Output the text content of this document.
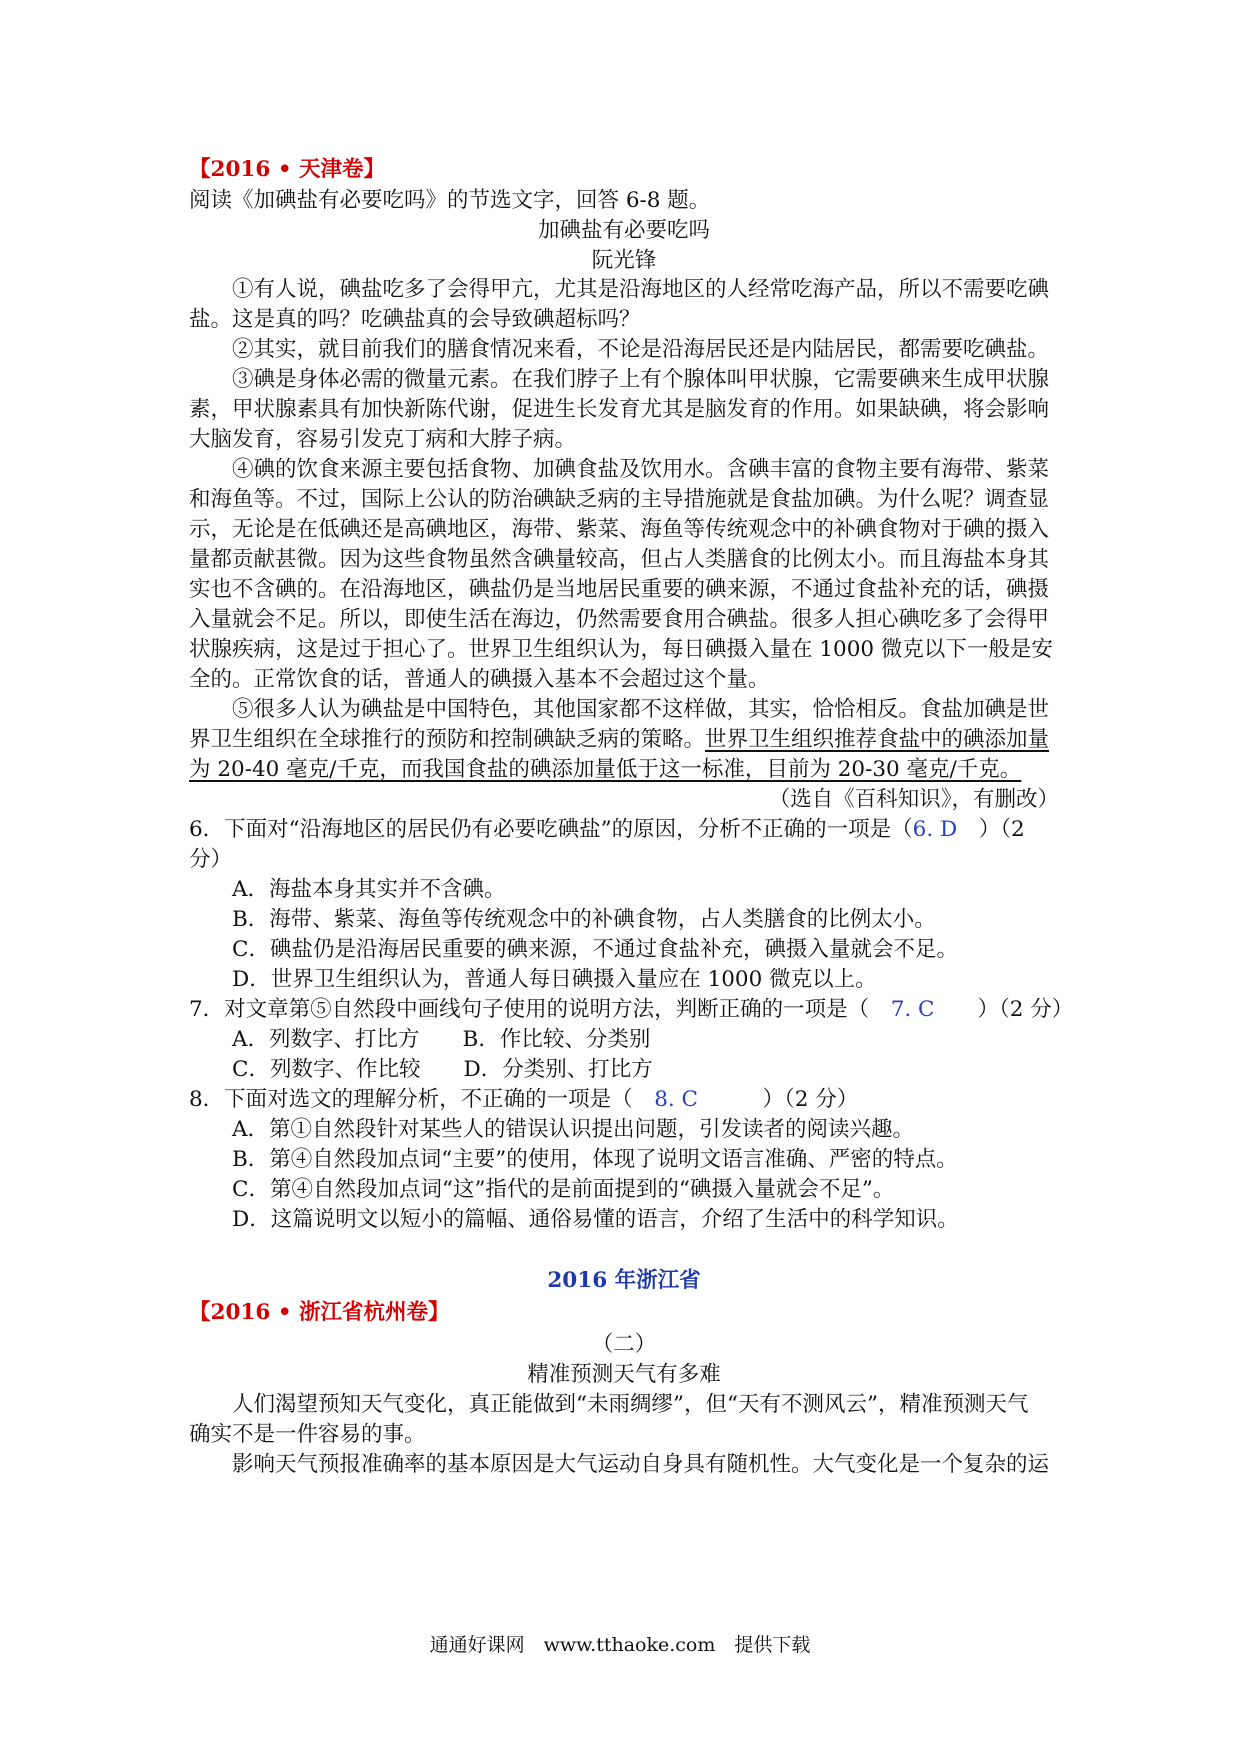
【2016 • 天津卷】
阅读《加碘盐有必要吃吗》的节选文字，回答 6-8 题。
加碘盐有必要吃吗
阮光锋
①有人说，碘盐吃多了会得甲亢，尤其是沿海地区的人经常吃海产品，所以不需要吃碘
盐。这是真的吗？吃碘盐真的会导致碘超标吗？
②其实，就目前我们的膳食情况来看，不论是沿海居民还是内陆居民，都需要吃碘盐。
③碘是身体必需的微量元素。在我们脖子上有个腺体叫甲状腺，它需要碘来生成甲状腺
素，甲状腺素具有加快新陈代谢，促进生长发育尤其是脑发育的作用。如果缺碘，将会影响
大脑发育，容易引发克丁病和大脖子病。
④碘的饮食来源主要包括食物、加碘食盐及饮用水。含碘丰富的食物主要有海带、紫菜
和海鱼等。不过，国际上公认的防治碘缺乏病的主导措施就是食盐加碘。为什么呢？调查显
示，无论是在低碘还是高碘地区，海带、紫菜、海鱼等传统观念中的补碘食物对于碘的摄入
量都贡献甚微。因为这些食物虽然含碘量较高，但占人类膳食的比例太小。而且海盐本身其
实也不含碘的。在沿海地区，碘盐仍是当地居民重要的碘来源，不通过食盐补充的话，碘摄
入量就会不足。所以，即使生活在海边，仍然需要食用合碘盐。很多人担心碘吃多了会得甲
状腺疾病，这是过于担心了。世界卫生组织认为，每日碘摄入量在 1000 微克以下一般是安
全的。正常饮食的话，普通人的碘摄入基本不会超过这个量。
⑤很多人认为碘盐是中国特色，其他国家都不这样做，其实，恰恰相反。食盐加碘是世
界卫生组织在全球推行的预防和控制碘缺乏病的策略。世界卫生组织推荐食盐中的碘添加量
为 20-40 毫克/千克，而我国食盐的碘添加量低于这一标准，目前为 20-30 毫克/千克。
（选自《百科知识》，有删改）
6．下面对“沿海地区的居民仍有必要吃碘盐”的原因，分析不正确的一项是（6. D　 ）（2
分）
A．海盐本身其实并不含碘。
B．海带、紫菜、海鱼等传统观念中的补碘食物，占人类膳食的比例太小。
C．碘盐仍是沿海居民重要的碘来源，不通过食盐补充，碘摄入量就会不足。
D．世界卫生组织认为，普通人每日碘摄入量应在 1000 微克以上。
7．对文章第⑤自然段中画线句子使用的说明方法，判断正确的一项是（　 7. C　　 ）（2 分）
A．列数字、打比方　　B．作比较、分类别
C．列数字、作比较　　D．分类别、打比方
8．下面对选文的理解分析，不正确的一项是（　 8. C　　　	）（2 分）
A．第①自然段针对某些人的错误认识提出问题，引发读者的阅读兴趣。
B．第④自然段加点词“主要”的使用，体现了说明文语言准确、严密的特点。
C．第④自然段加点词“这”指代的是前面提到的“碘摄入量就会不足”。
D．这篇说明文以短小的篇幅、通俗易懂的语言，介绍了生活中的科学知识。
2016 年浙江省
【2016 • 浙江省杭州卷】
（二）
精准预测天气有多难
人们渴望预知天气变化，真正能做到“未雨绸缪”，但“天有不测风云”，精准预测天气
确实不是一件容易的事。
影响天气预报准确率的基本原因是大气运动自身具有随机性。大气变化是一个复杂的运
通通好课网　www.tthaoke.com　提供下载
